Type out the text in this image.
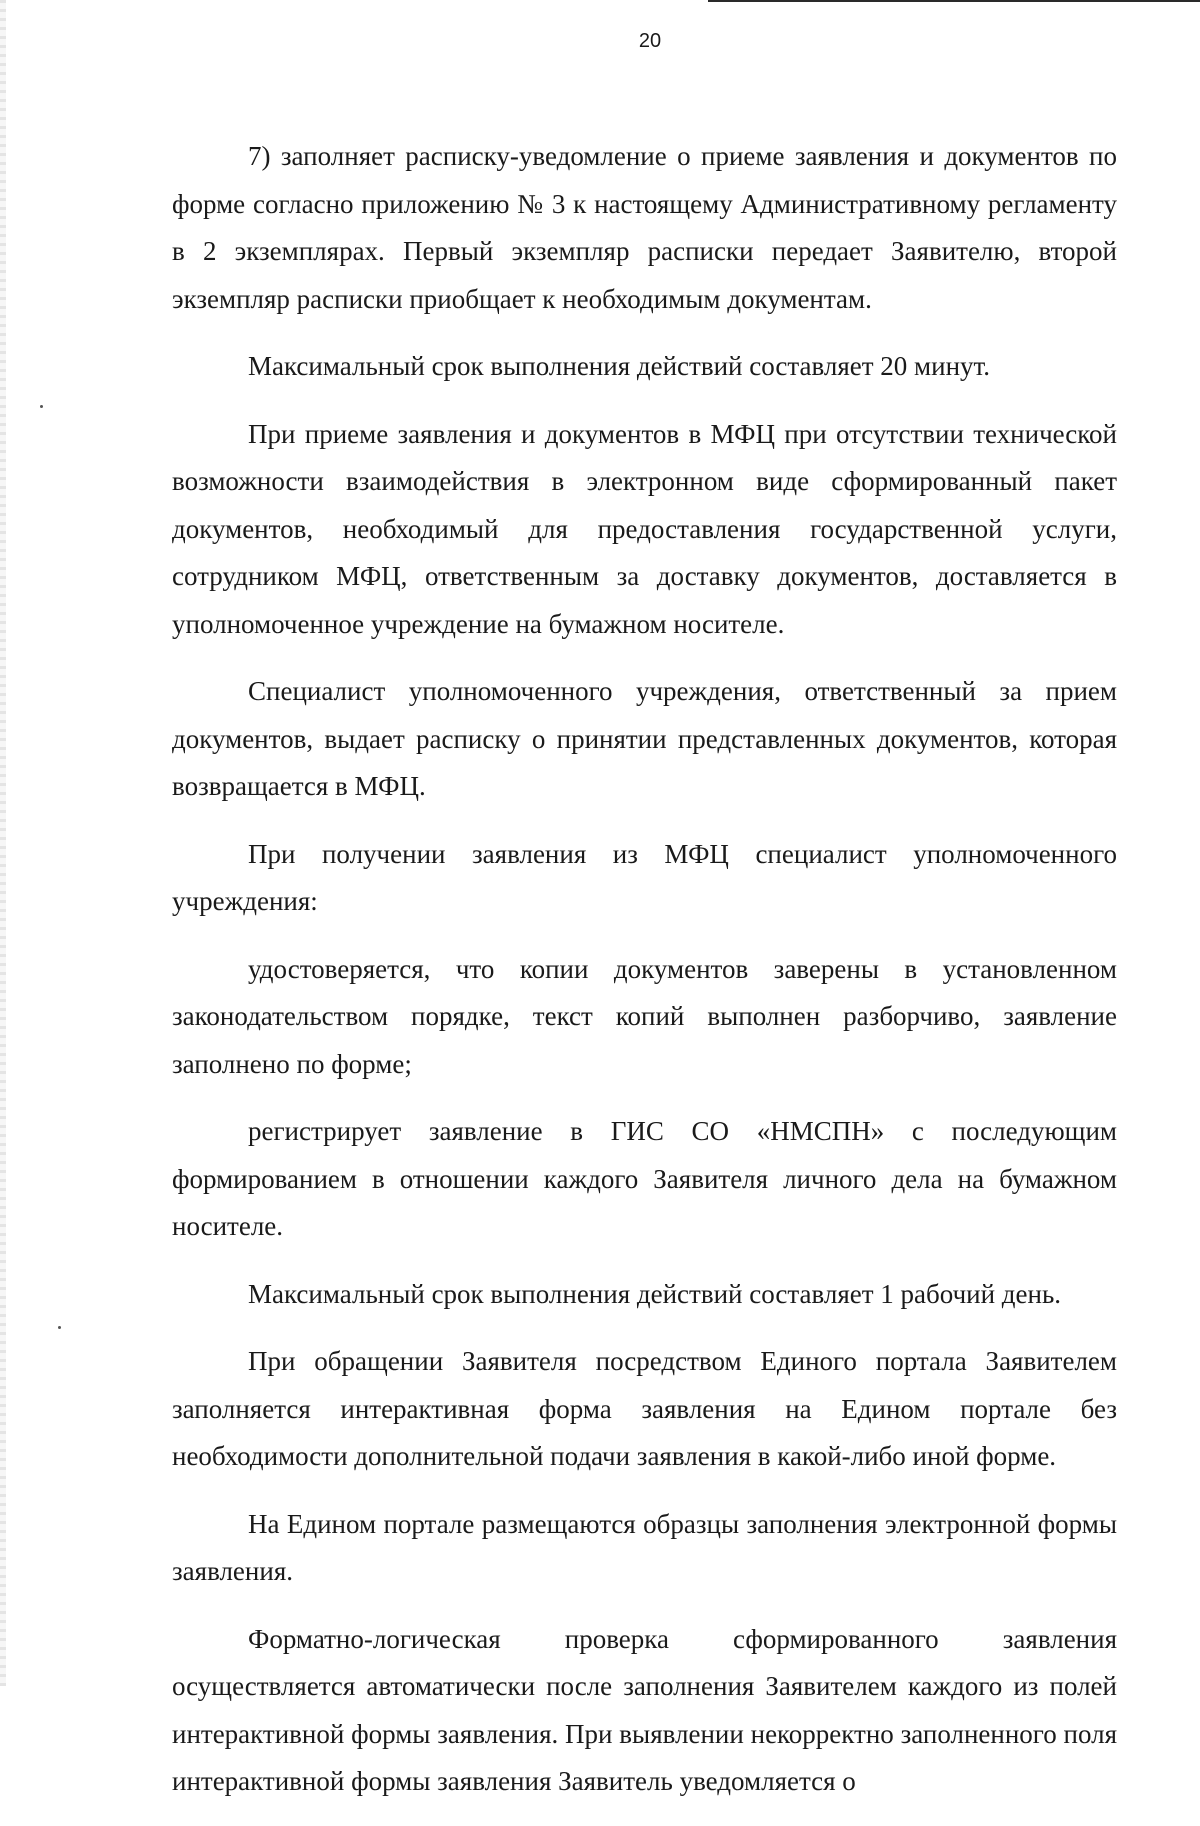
20

7) заполняет расписку-уведомление о приеме заявления и документов по форме согласно приложению № 3 к настоящему Административному регламенту в 2 экземплярах. Первый экземпляр расписки передает Заявителю, второй экземпляр расписки приобщает к необходимым документам.

Максимальный срок выполнения действий составляет 20 минут.

При приеме заявления и документов в МФЦ при отсутствии технической возможности взаимодействия в электронном виде сформированный пакет документов, необходимый для предоставления государственной услуги, сотрудником МФЦ, ответственным за доставку документов, доставляется в уполномоченное учреждение на бумажном носителе.

Специалист уполномоченного учреждения, ответственный за прием документов, выдает расписку о принятии представленных документов, которая возвращается в МФЦ.

При получении заявления из МФЦ специалист уполномоченного учреждения:

удостоверяется, что копии документов заверены в установленном законодательством порядке, текст копий выполнен разборчиво, заявление заполнено по форме;

регистрирует заявление в ГИС СО «НМСПН» с последующим формированием в отношении каждого Заявителя личного дела на бумажном носителе.

Максимальный срок выполнения действий составляет 1 рабочий день.

При обращении Заявителя посредством Единого портала Заявителем заполняется интерактивная форма заявления на Едином портале без необходимости дополнительной подачи заявления в какой-либо иной форме.

На Едином портале размещаются образцы заполнения электронной формы заявления.

Форматно-логическая проверка сформированного заявления осуществляется автоматически после заполнения Заявителем каждого из полей интерактивной формы заявления. При выявлении некорректно заполненного поля интерактивной формы заявления Заявитель уведомляется о
